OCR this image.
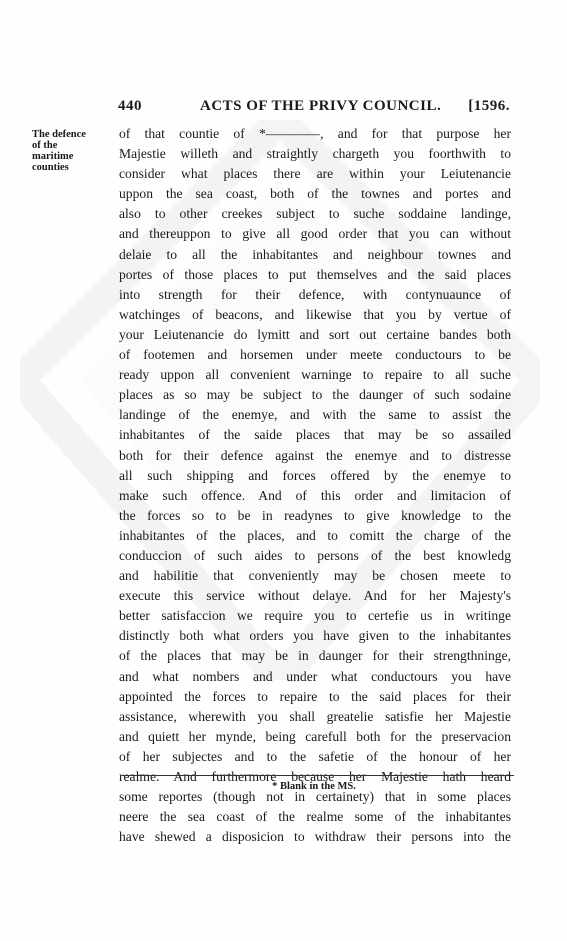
440	ACTS OF THE PRIVY COUNCIL. [1596.
The defence
of the
maritime
counties
of that countie of *————, and for that purpose her
Majestie willeth and straightly chargeth you foorthwith to
consider what places there are within your Leiutenancie
uppon the sea coast, both of the townes and portes and
also to other creekes subject to suche soddaine landinge,
and thereuppon to give all good order that you can without
delaie to all the inhabitantes and neighbour townes and
portes of those places to put themselves and the said places
into strength for their defence, with contynuaunce of
watchinges of beacons, and likewise that you by vertue of
your Leiutenancie do lymitt and sort out certaine bandes both
of footemen and horsemen under meete conductours to be
ready uppon all convenient warninge to repaire to all suche
places as so may be subject to the daunger of such sodaine
landinge of the enemye, and with the same to assist the
inhabitantes of the saide places that may be so assailed
both for their defence against the enemye and to distresse
all such shipping and forces offered by the enemye to
make such offence. And of this order and limitacion of
the forces so to be in readynes to give knowledge to the
inhabitantes of the places, and to comitt the charge of the
conduccion of such aides to persons of the best knowledg
and habilitie that conveniently may be chosen meete to
execute this service without delaye. And for her Majesty's
better satisfaccion we require you to certefie us in writinge
distinctly both what orders you have given to the inhabitantes
of the places that may be in daunger for their strengthninge,
and what nombers and under what conductours you have
appointed the forces to repaire to the said places for their
assistance, wherewith you shall greatelie satisfie her Majestie
and quiett her mynde, being carefull both for the preservacion
of her subjectes and to the safetie of the honour of her
realme. And furthermore because her Majestie hath heard
some reportes (though not in certainety) that in some places
neere the sea coast of the realme some of the inhabitantes
have shewed a disposicion to withdraw their persons into the
* Blank in the MS.
